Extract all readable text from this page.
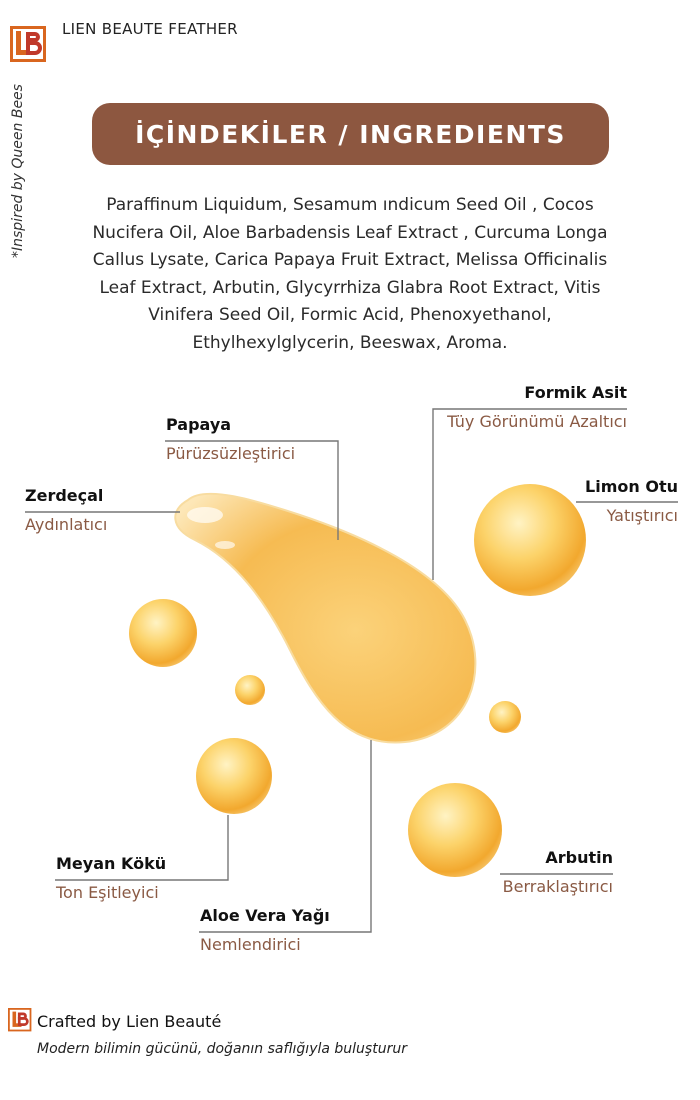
LIEN BEAUTE FEATHER
*Inspired by Queen Bees	İÇİNDEKİLER / INGREDIENTS
Paraffinum Liquidum, Sesamum ındicum Seed Oil , Cocos Nucifera Oil, Aloe Barbadensis Leaf Extract , Curcuma Longa Callus Lysate, Carica Papaya Fruit Extract, Melissa Officinalis Leaf Extract, Arbutin, Glycyrrhiza Glabra Root Extract, Vitis Vinifera Seed Oil, Formic Acid, Phenoxyethanol, Ethylhexylglycerin, Beeswax, Aroma.
Papaya
Pürüzsüzleştirici
Zerdeçal
Aydınlatıcı
Formik Asit
Tüy Görünümü Azaltıcı
Limon Otu
Yatıştırıcı
Meyan Kökü
Ton Eşitleyici
Aloe Vera Yağı
Nemlendirici
Arbutin
Berraklaştırıcı
Crafted by Lien Beauté
Modern bilimin gücünü, doğanın saflığıyla buluşturur
